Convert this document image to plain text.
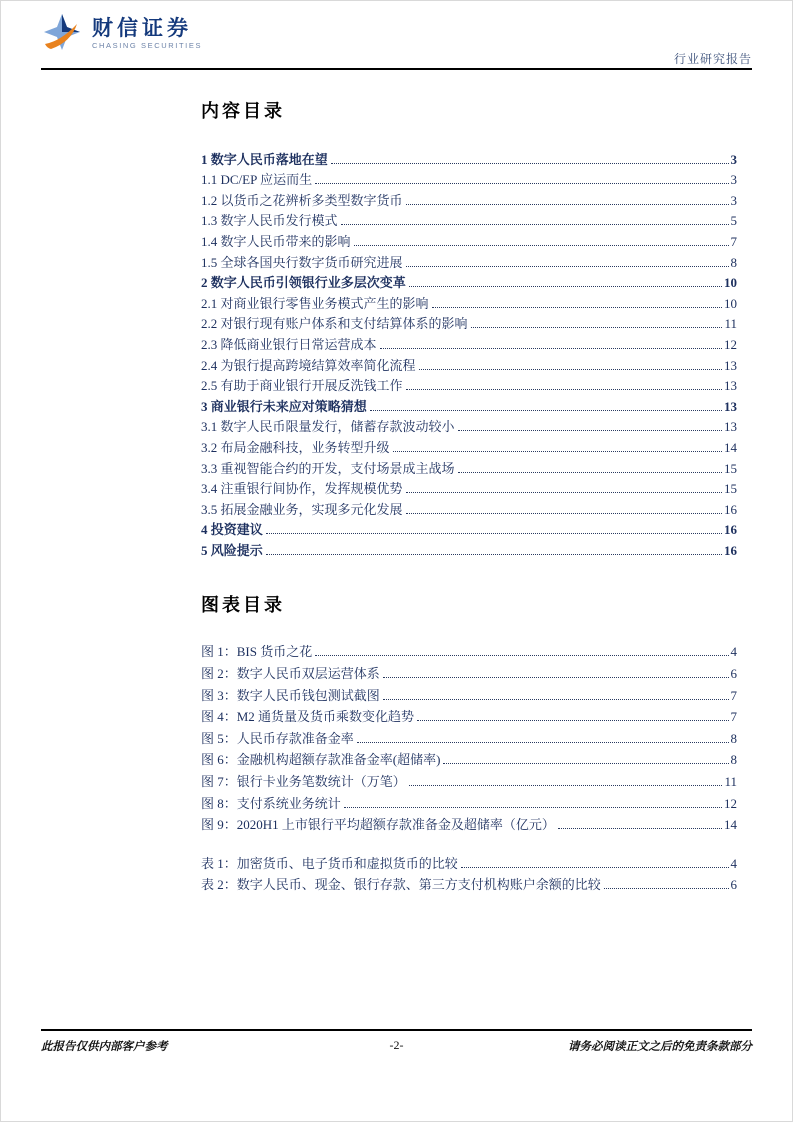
财信证券
CHASING SECURITIES
行业研究报告
内容目录
1 数字人民币落地在望	3
1.1 DC/EP 应运而生	3
1.2 以货币之花辨析多类型数字货币	3
1.3 数字人民币发行模式	5
1.4 数字人民币带来的影响	7
1.5 全球各国央行数字货币研究进展	8
2 数字人民币引领银行业多层次变革	10
2.1 对商业银行零售业务模式产生的影响	10
2.2 对银行现有账户体系和支付结算体系的影响	11
2.3 降低商业银行日常运营成本	12
2.4 为银行提高跨境结算效率简化流程	13
2.5 有助于商业银行开展反洗钱工作	13
3 商业银行未来应对策略猜想	13
3.1 数字人民币限量发行，储蓄存款波动较小	13
3.2 布局金融科技，业务转型升级	14
3.3 重视智能合约的开发，支付场景成主战场	15
3.4 注重银行间协作，发挥规模优势	15
3.5 拓展金融业务，实现多元化发展	16
4 投资建议	16
5 风险提示	16
图表目录
图 1：BIS 货币之花	4
图 2：数字人民币双层运营体系	6
图 3：数字人民币钱包测试截图	7
图 4：M2 通货量及货币乘数变化趋势	7
图 5：人民币存款准备金率	8
图 6：金融机构超额存款准备金率(超储率)	8
图 7：银行卡业务笔数统计（万笔）	11
图 8：支付系统业务统计	12
图 9：2020H1 上市银行平均超额存款准备金及超储率（亿元）	14
表 1：加密货币、电子货币和虚拟货币的比较	4
表 2：数字人民币、现金、银行存款、第三方支付机构账户余额的比较	6
此报告仅供内部客户参考	-2-	请务必阅读正文之后的免责条款部分
